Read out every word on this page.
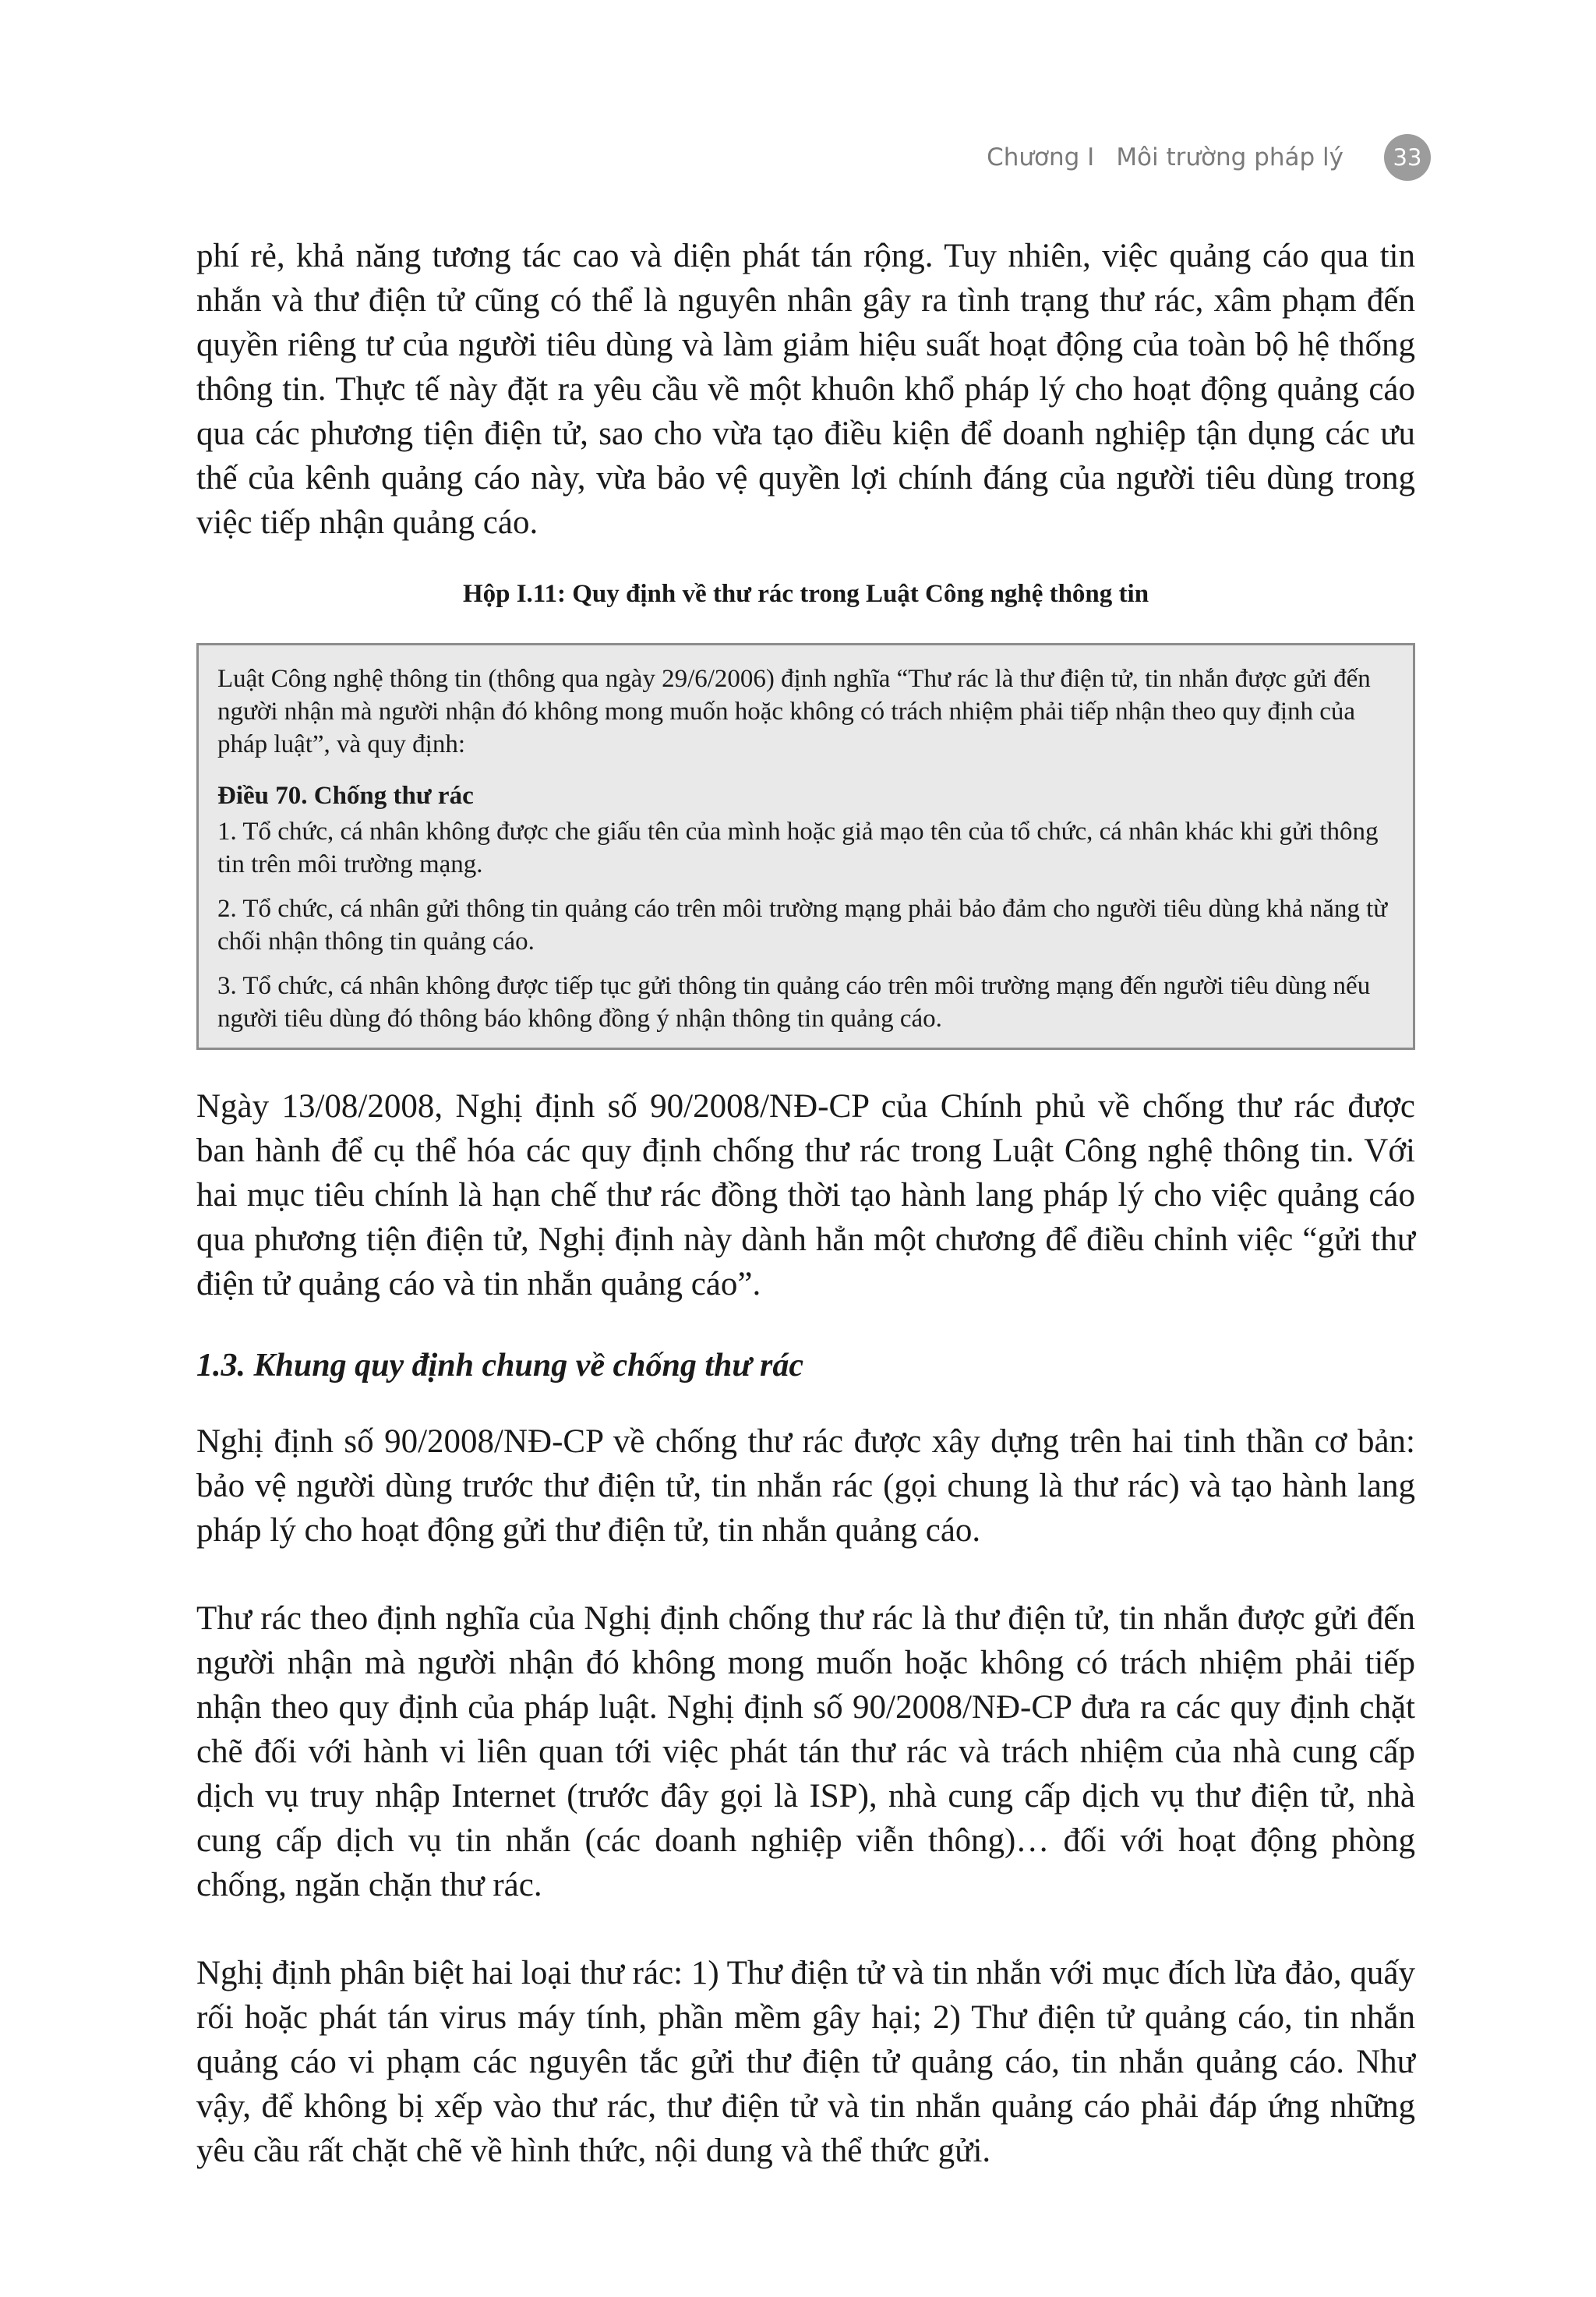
Chương I Môi trường pháp lý	33

phí rẻ, khả năng tương tác cao và diện phát tán rộng. Tuy nhiên, việc quảng cáo qua tin nhắn và thư điện tử cũng có thể là nguyên nhân gây ra tình trạng thư rác, xâm phạm đến quyền riêng tư của người tiêu dùng và làm giảm hiệu suất hoạt động của toàn bộ hệ thống thông tin. Thực tế này đặt ra yêu cầu về một khuôn khổ pháp lý cho hoạt động quảng cáo qua các phương tiện điện tử, sao cho vừa tạo điều kiện để doanh nghiệp tận dụng các ưu thế của kênh quảng cáo này, vừa bảo vệ quyền lợi chính đáng của người tiêu dùng trong việc tiếp nhận quảng cáo.

Hộp I.11: Quy định về thư rác trong Luật Công nghệ thông tin

Luật Công nghệ thông tin (thông qua ngày 29/6/2006) định nghĩa “Thư rác là thư điện tử, tin nhắn được gửi đến người nhận mà người nhận đó không mong muốn hoặc không có trách nhiệm phải tiếp nhận theo quy định của pháp luật”, và quy định:

Điều 70. Chống thư rác

1. Tổ chức, cá nhân không được che giấu tên của mình hoặc giả mạo tên của tổ chức, cá nhân khác khi gửi thông tin trên môi trường mạng.

2. Tổ chức, cá nhân gửi thông tin quảng cáo trên môi trường mạng phải bảo đảm cho người tiêu dùng khả năng từ chối nhận thông tin quảng cáo.

3. Tổ chức, cá nhân không được tiếp tục gửi thông tin quảng cáo trên môi trường mạng đến người tiêu dùng nếu người tiêu dùng đó thông báo không đồng ý nhận thông tin quảng cáo.

Ngày 13/08/2008, Nghị định số 90/2008/NĐ-CP của Chính phủ về chống thư rác được ban hành để cụ thể hóa các quy định chống thư rác trong Luật Công nghệ thông tin. Với hai mục tiêu chính là hạn chế thư rác đồng thời tạo hành lang pháp lý cho việc quảng cáo qua phương tiện điện tử, Nghị định này dành hẳn một chương để điều chỉnh việc “gửi thư điện tử quảng cáo và tin nhắn quảng cáo”.

1.3. Khung quy định chung về chống thư rác

Nghị định số 90/2008/NĐ-CP về chống thư rác được xây dựng trên hai tinh thần cơ bản: bảo vệ người dùng trước thư điện tử, tin nhắn rác (gọi chung là thư rác) và tạo hành lang pháp lý cho hoạt động gửi thư điện tử, tin nhắn quảng cáo.

Thư rác theo định nghĩa của Nghị định chống thư rác là thư điện tử, tin nhắn được gửi đến người nhận mà người nhận đó không mong muốn hoặc không có trách nhiệm phải tiếp nhận theo quy định của pháp luật. Nghị định số 90/2008/NĐ-CP đưa ra các quy định chặt chẽ đối với hành vi liên quan tới việc phát tán thư rác và trách nhiệm của nhà cung cấp dịch vụ truy nhập Internet (trước đây gọi là ISP), nhà cung cấp dịch vụ thư điện tử, nhà cung cấp dịch vụ tin nhắn (các doanh nghiệp viễn thông)… đối với hoạt động phòng chống, ngăn chặn thư rác.

Nghị định phân biệt hai loại thư rác: 1) Thư điện tử và tin nhắn với mục đích lừa đảo, quấy rối hoặc phát tán virus máy tính, phần mềm gây hại; 2) Thư điện tử quảng cáo, tin nhắn quảng cáo vi phạm các nguyên tắc gửi thư điện tử quảng cáo, tin nhắn quảng cáo. Như vậy, để không bị xếp vào thư rác, thư điện tử và tin nhắn quảng cáo phải đáp ứng những yêu cầu rất chặt chẽ về hình thức, nội dung và thể thức gửi.
